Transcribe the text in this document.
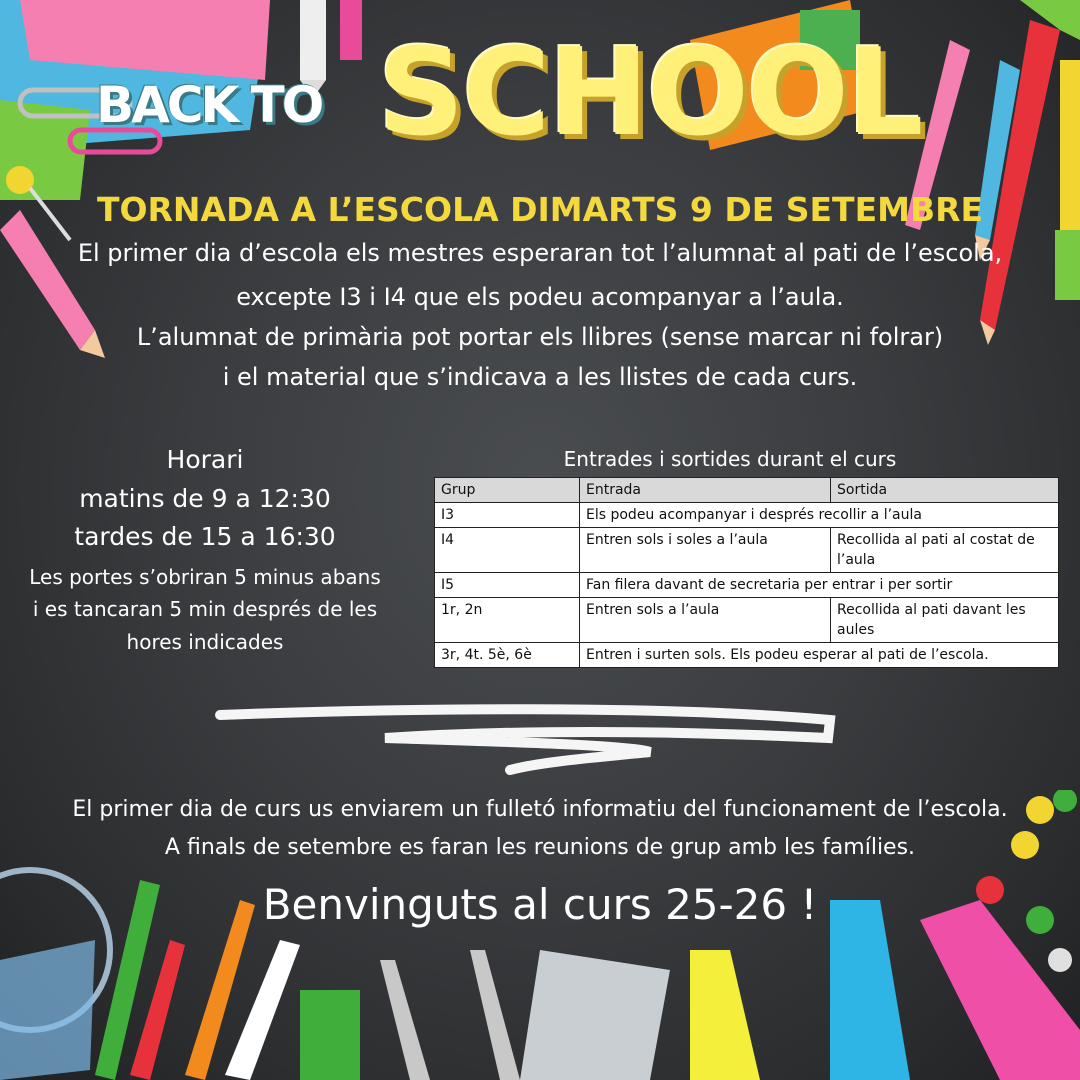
BACK TO SCHOOL
TORNADA A L’ESCOLA DIMARTS 9 DE SETEMBRE
El primer dia d’escola els mestres esperaran tot l’alumnat al pati de l’escola,
excepte I3 i I4 que els podeu acompanyar a l’aula.
L’alumnat de primària pot portar els llibres (sense marcar ni folrar)
i el material que s’indicava a les llistes de cada curs.
Horari
matins de 9 a 12:30
tardes de 15 a 16:30
Les portes s’obriran 5 minus abans
i es tancaran 5 min després de les
hores indicades
Entrades i sortides durant el curs
Grup	Entrada	Sortida
I3	Els podeu acompanyar i després recollir a l’aula	
I4	Entren sols i soles a l’aula	Recollida al pati al costat de l’aula
I5	Fan filera davant de secretaria per entrar i per sortir	
1r, 2n	Entren sols a l’aula	Recollida al pati davant les aules
3r, 4t. 5è, 6è	Entren i surten sols. Els podeu esperar al pati de l’escola.	
El primer dia de curs us enviarem un fulletó informatiu del funcionament de l’escola.
A finals de setembre es faran les reunions de grup amb les famílies.
Benvinguts al curs 25-26 !
